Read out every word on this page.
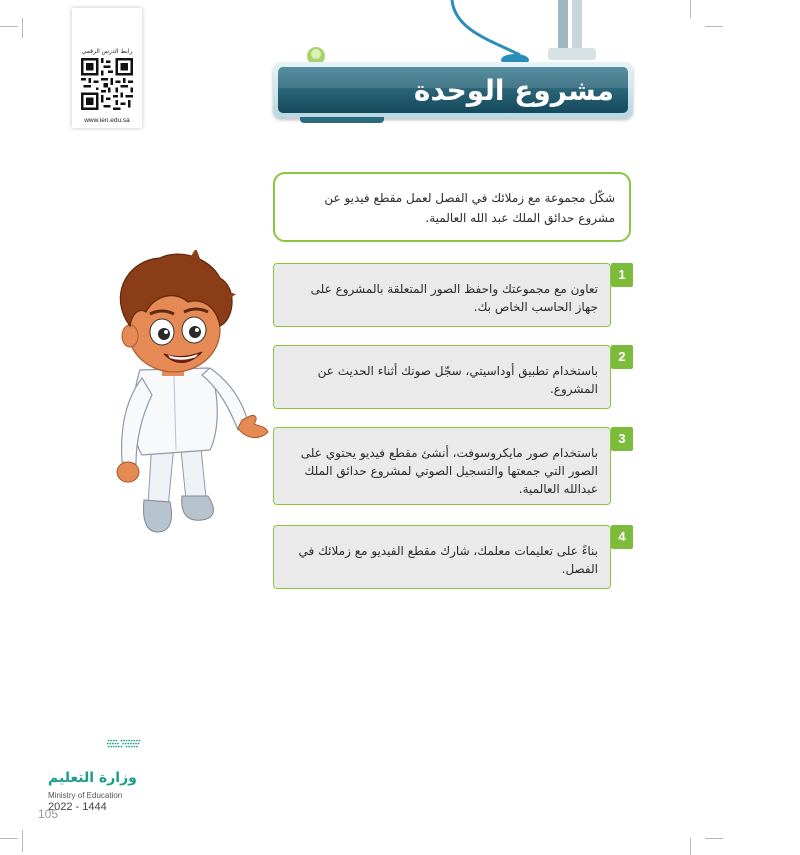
رابط الدرس الرقمي
www.ien.edu.sa
مشروع الوحدة
شكّل مجموعة مع زملائك في الفصل لعمل مقطع فيديو عن مشروع حدائق الملك عبد الله العالمية.
تعاون مع مجموعتك واحفظ الصور المتعلقة بالمشروع على جهاز الحاسب الخاص بك.
1
باستخدام تطبيق أوداسيتي، سجّل صوتك أثناء الحديث عن المشروع.
2
باستخدام صور مايكروسوفت، أنشئ مقطع فيديو يحتوي على الصور التي جمعتها والتسجيل الصوتي لمشروع حدائق الملك عبدالله العالمية.
3
بناءً على تعليمات معلمك، شارك مقطع الفيديو مع زملائك في الفصل.
4
وزارة التعليم
Ministry of Education
2022 - 1444
105
